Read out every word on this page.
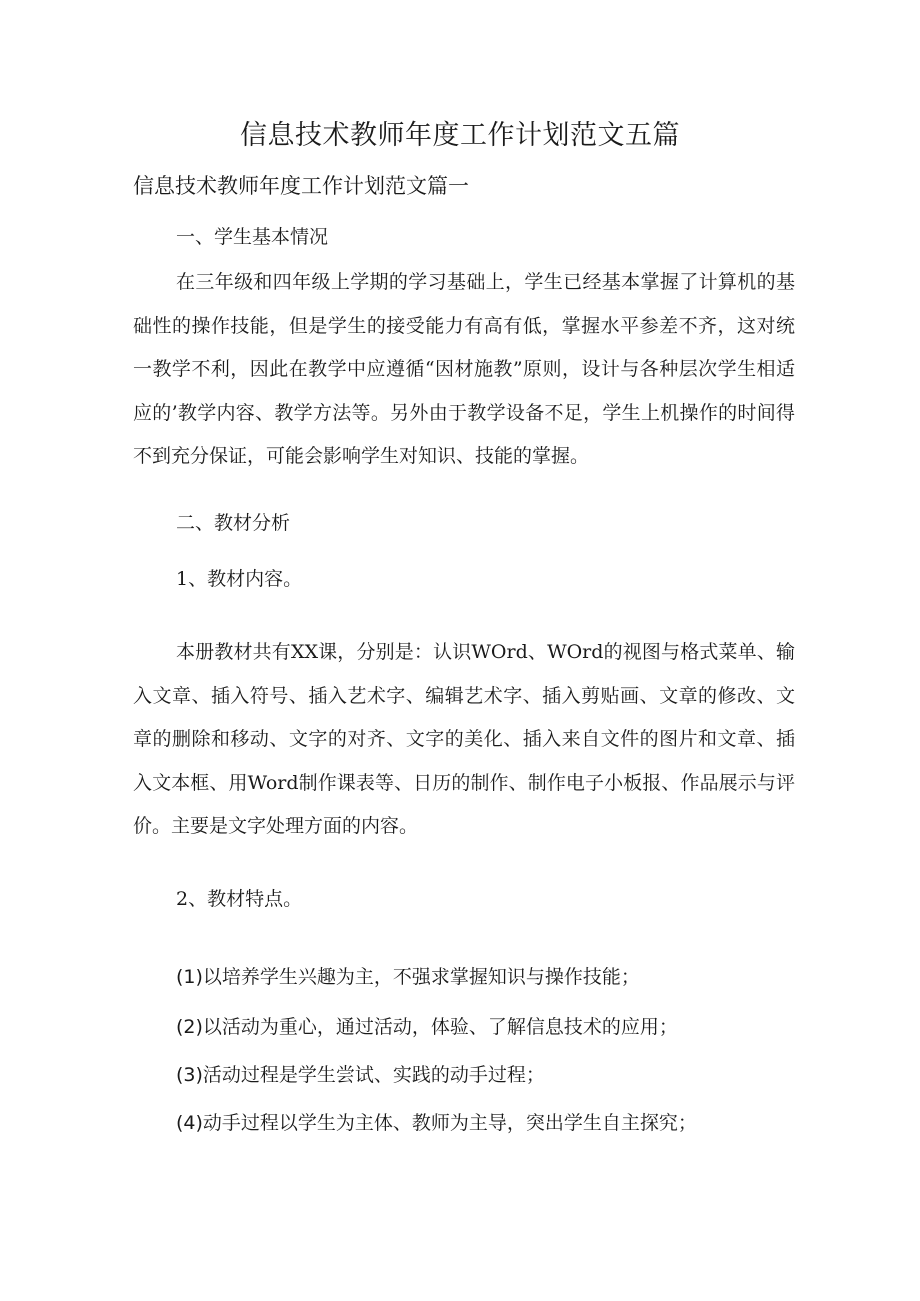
信息技术教师年度工作计划范文五篇
信息技术教师年度工作计划范文篇一

一、学生基本情况

在三年级和四年级上学期的学习基础上，学生已经基本掌握了计算机的基础性的操作技能，但是学生的接受能力有高有低，掌握水平参差不齐，这对统一教学不利，因此在教学中应遵循“因材施教”原则，设计与各种层次学生相适应的’教学内容、教学方法等。另外由于教学设备不足，学生上机操作的时间得不到充分保证，可能会影响学生对知识、技能的掌握。

二、教材分析

1、教材内容。

本册教材共有XX课，分别是：认识WOrd、WOrd的视图与格式菜单、输入文章、插入符号、插入艺术字、编辑艺术字、插入剪贴画、文章的修改、文章的删除和移动、文字的对齐、文字的美化、插入来自文件的图片和文章、插入文本框、用Word制作课表等、日历的制作、制作电子小板报、作品展示与评价。主要是文字处理方面的内容。

2、教材特点。

(1)以培养学生兴趣为主，不强求掌握知识与操作技能；
(2)以活动为重心，通过活动，体验、了解信息技术的应用；
(3)活动过程是学生尝试、实践的动手过程；
(4)动手过程以学生为主体、教师为主导，突出学生自主探究；
